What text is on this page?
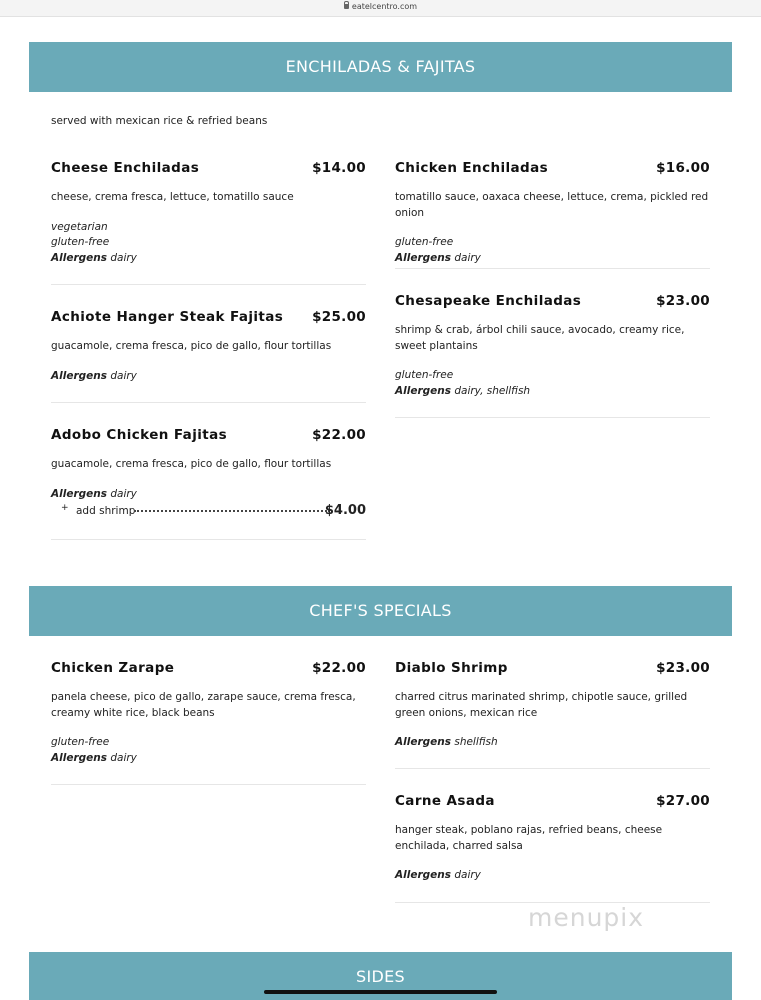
eatelcentro.com
ENCHILADAS & FAJITAS
served with mexican rice & refried beans
Cheese Enchiladas	$14.00
cheese, crema fresca, lettuce, tomatillo sauce
vegetarian
gluten-free
Allergens dairy
Chicken Enchiladas	$16.00
tomatillo sauce, oaxaca cheese, lettuce, crema, pickled red onion
gluten-free
Allergens dairy
Achiote Hanger Steak Fajitas	$25.00
guacamole, crema fresca, pico de gallo, flour tortillas
Allergens dairy
Chesapeake Enchiladas	$23.00
shrimp & crab, árbol chili sauce, avocado, creamy rice, sweet plantains
gluten-free
Allergens dairy, shellfish
Adobo Chicken Fajitas	$22.00
guacamole, crema fresca, pico de gallo, flour tortillas
Allergens dairy
+ add shrimp	$4.00
CHEF'S SPECIALS
Chicken Zarape	$22.00
panela cheese, pico de gallo, zarape sauce, crema fresca, creamy white rice, black beans
gluten-free
Allergens dairy
Diablo Shrimp	$23.00
charred citrus marinated shrimp, chipotle sauce, grilled green onions, mexican rice
Allergens shellfish
Carne Asada	$27.00
hanger steak, poblano rajas, refried beans, cheese enchilada, charred salsa
Allergens dairy
menupix
SIDES
